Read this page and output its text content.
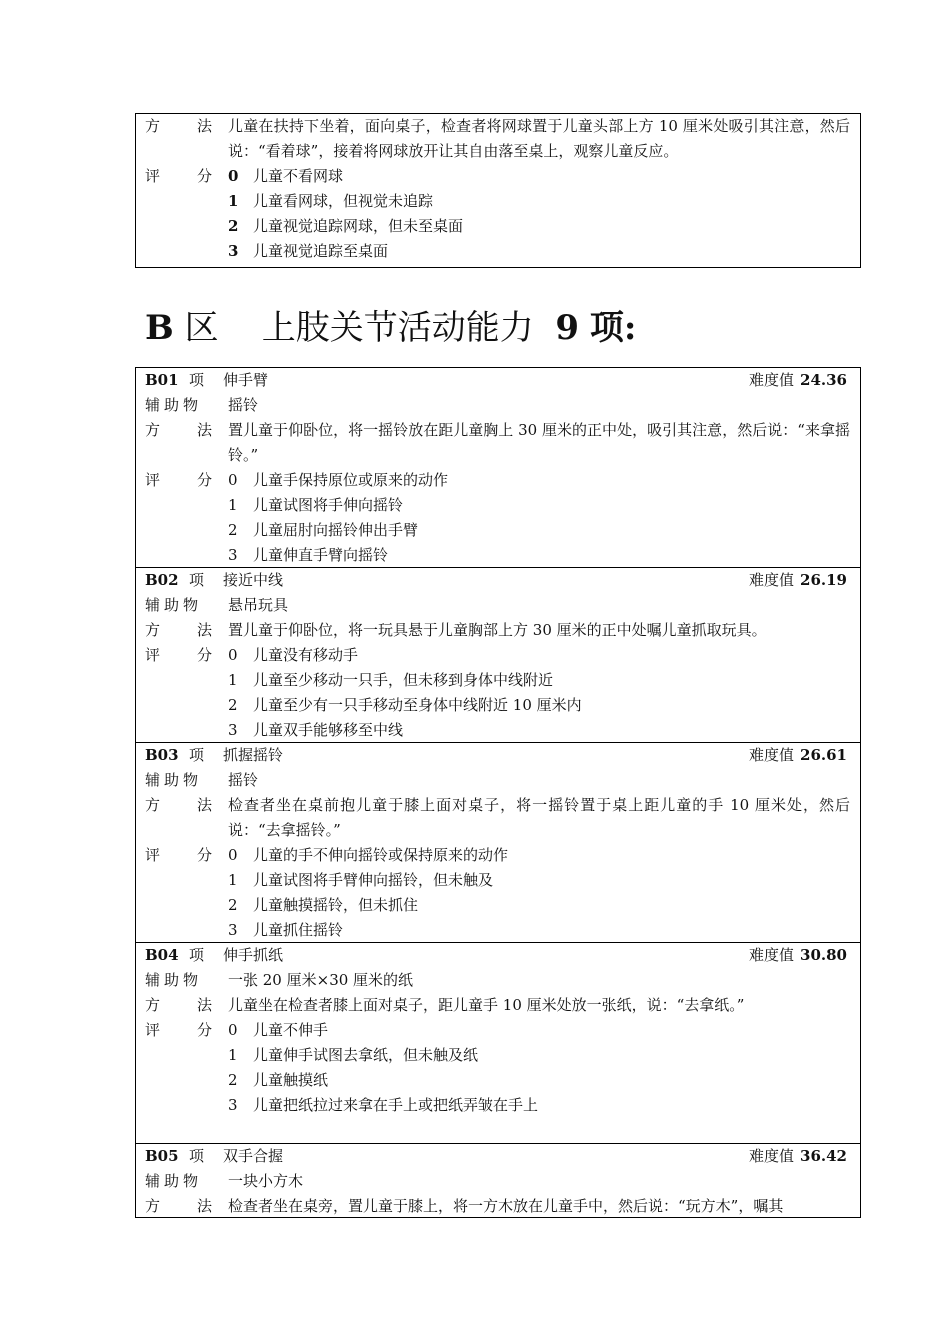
方　法 儿童在扶持下坐着，面向桌子，检查者将网球置于儿童头部上方 10 厘米处吸引其注意，然后说：“看着球”，接着将网球放开让其自由落至桌上，观察儿童反应。
评　分 0 儿童不看网球
1 儿童看网球，但视觉未追踪
2 儿童视觉追踪网球，但未至桌面
3 儿童视觉追踪至桌面
B 区 上肢关节活动能力 9 项:
B01 项 伸手臂	难度值 24.36
辅助物 摇铃
方　法 置儿童于仰卧位，将一摇铃放在距儿童胸上 30 厘米的正中处，吸引其注意，然后说：“来拿摇铃。”
评　分 0 儿童手保持原位或原来的动作
1 儿童试图将手伸向摇铃
2 儿童屈肘向摇铃伸出手臂
3 儿童伸直手臂向摇铃
B02 项 接近中线	难度值 26.19
辅助物 悬吊玩具
方　法 置儿童于仰卧位，将一玩具悬于儿童胸部上方 30 厘米的正中处嘱儿童抓取玩具。
评　分 0 儿童没有移动手
1 儿童至少移动一只手，但未移到身体中线附近
2 儿童至少有一只手移动至身体中线附近 10 厘米内
3 儿童双手能够移至中线
B03 项 抓握摇铃	难度值 26.61
辅助物 摇铃
方　法 检查者坐在桌前抱儿童于膝上面对桌子，将一摇铃置于桌上距儿童的手 10 厘米处，然后说：“去拿摇铃。”
评　分 0 儿童的手不伸向摇铃或保持原来的动作
1 儿童试图将手臂伸向摇铃，但未触及
2 儿童触摸摇铃，但未抓住
3 儿童抓住摇铃
B04 项 伸手抓纸	难度值 30.80
辅助物 一张 20 厘米×30 厘米的纸
方　法 儿童坐在检查者膝上面对桌子，距儿童手 10 厘米处放一张纸，说：“去拿纸。”
评　分 0 儿童不伸手
1 儿童伸手试图去拿纸，但未触及纸
2 儿童触摸纸
3 儿童把纸拉过来拿在手上或把纸弄皱在手上
B05 项 双手合握	难度值 36.42
辅助物 一块小方木
方　法 检查者坐在桌旁，置儿童于膝上，将一方木放在儿童手中，然后说：“玩方木”，嘱其
